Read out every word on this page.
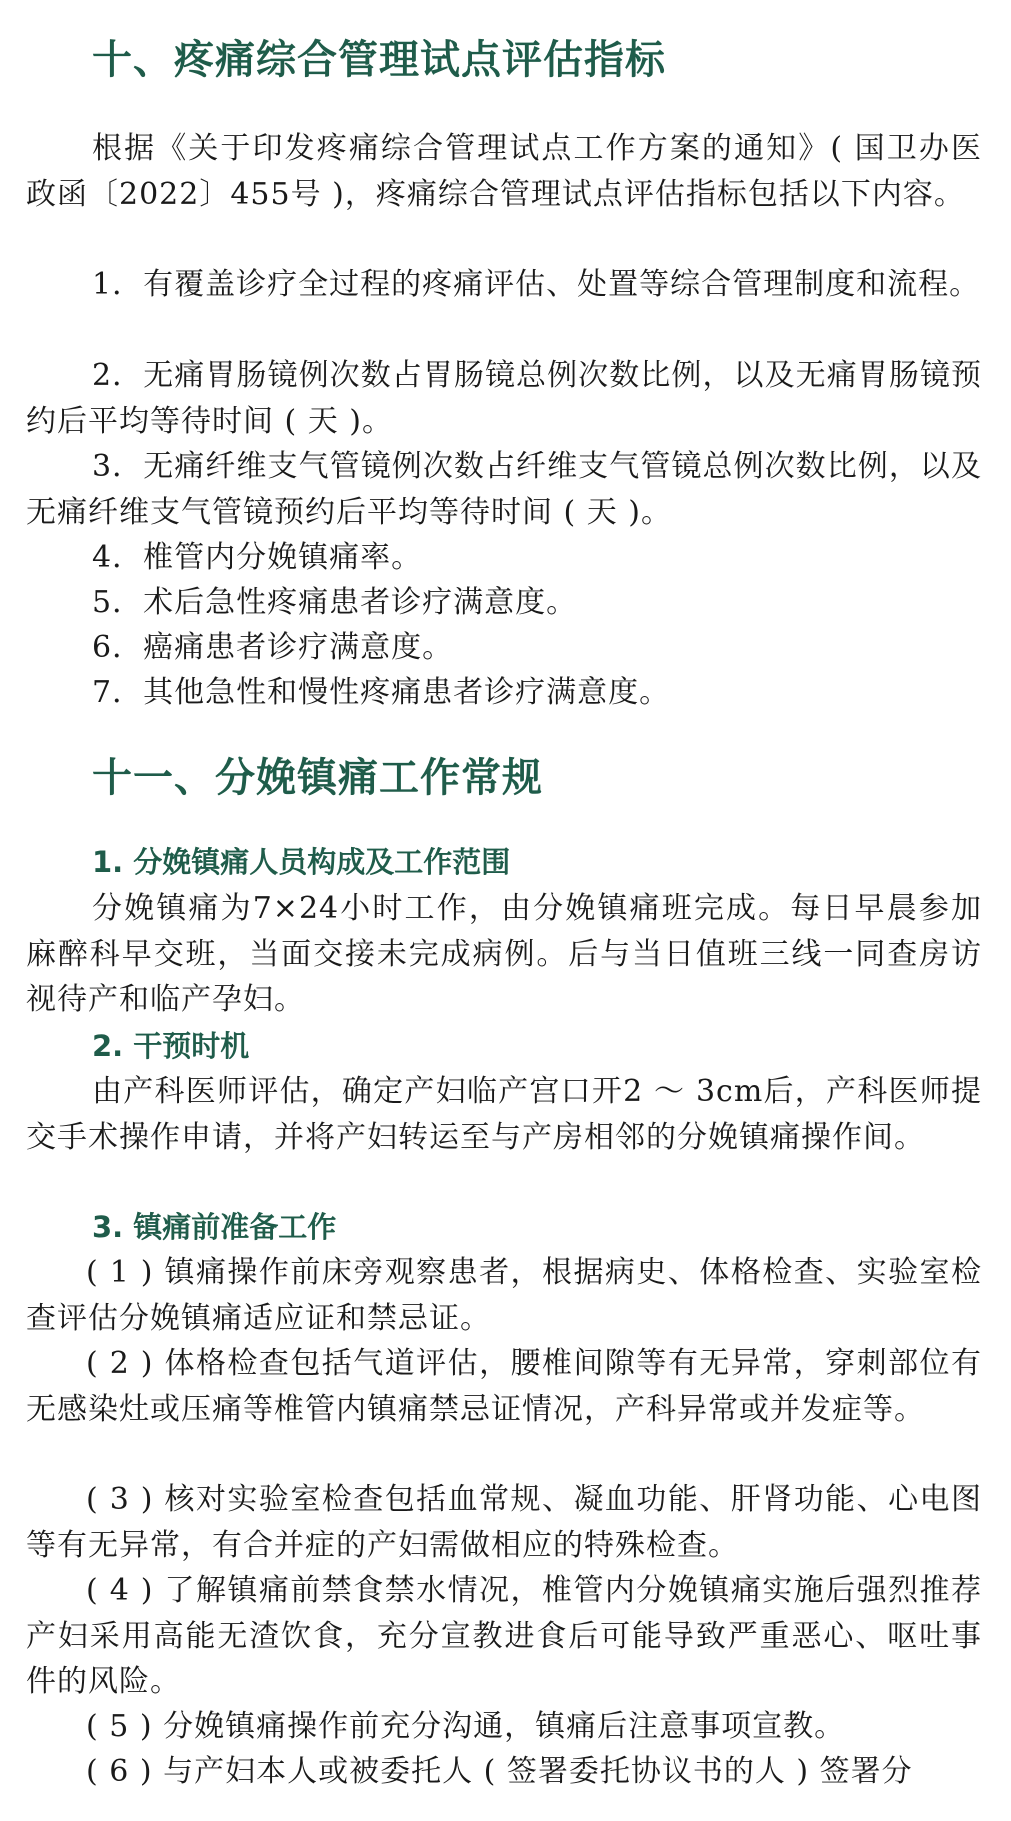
十、疼痛综合管理试点评估指标

根据《关于印发疼痛综合管理试点工作方案的通知》( 国卫办医政函〔2022〕455号 )，疼痛综合管理试点评估指标包括以下内容。

1．有覆盖诊疗全过程的疼痛评估、处置等综合管理制度和流程。

2．无痛胃肠镜例次数占胃肠镜总例次数比例，以及无痛胃肠镜预约后平均等待时间 ( 天 )。

3．无痛纤维支气管镜例次数占纤维支气管镜总例次数比例，以及无痛纤维支气管镜预约后平均等待时间 ( 天 )。

4．椎管内分娩镇痛率。

5．术后急性疼痛患者诊疗满意度。

6．癌痛患者诊疗满意度。

7．其他急性和慢性疼痛患者诊疗满意度。

十一、分娩镇痛工作常规
1. 分娩镇痛人员构成及工作范围

分娩镇痛为7×24小时工作，由分娩镇痛班完成。每日早晨参加麻醉科早交班，当面交接未完成病例。后与当日值班三线一同查房访视待产和临产孕妇。

2. 干预时机

由产科医师评估，确定产妇临产宫口开2 ～ 3cm后，产科医师提交手术操作申请，并将产妇转运至与产房相邻的分娩镇痛操作间。

3. 镇痛前准备工作

( 1 ) 镇痛操作前床旁观察患者，根据病史、体格检查、实验室检查评估分娩镇痛适应证和禁忌证。

( 2 ) 体格检查包括气道评估，腰椎间隙等有无异常，穿刺部位有无感染灶或压痛等椎管内镇痛禁忌证情况，产科异常或并发症等。

( 3 ) 核对实验室检查包括血常规、凝血功能、肝肾功能、心电图等有无异常，有合并症的产妇需做相应的特殊检查。

( 4 ) 了解镇痛前禁食禁水情况，椎管内分娩镇痛实施后强烈推荐产妇采用高能无渣饮食，充分宣教进食后可能导致严重恶心、呕吐事件的风险。

( 5 ) 分娩镇痛操作前充分沟通，镇痛后注意事项宣教。

( 6 ) 与产妇本人或被委托人 ( 签署委托协议书的人 ) 签署分
